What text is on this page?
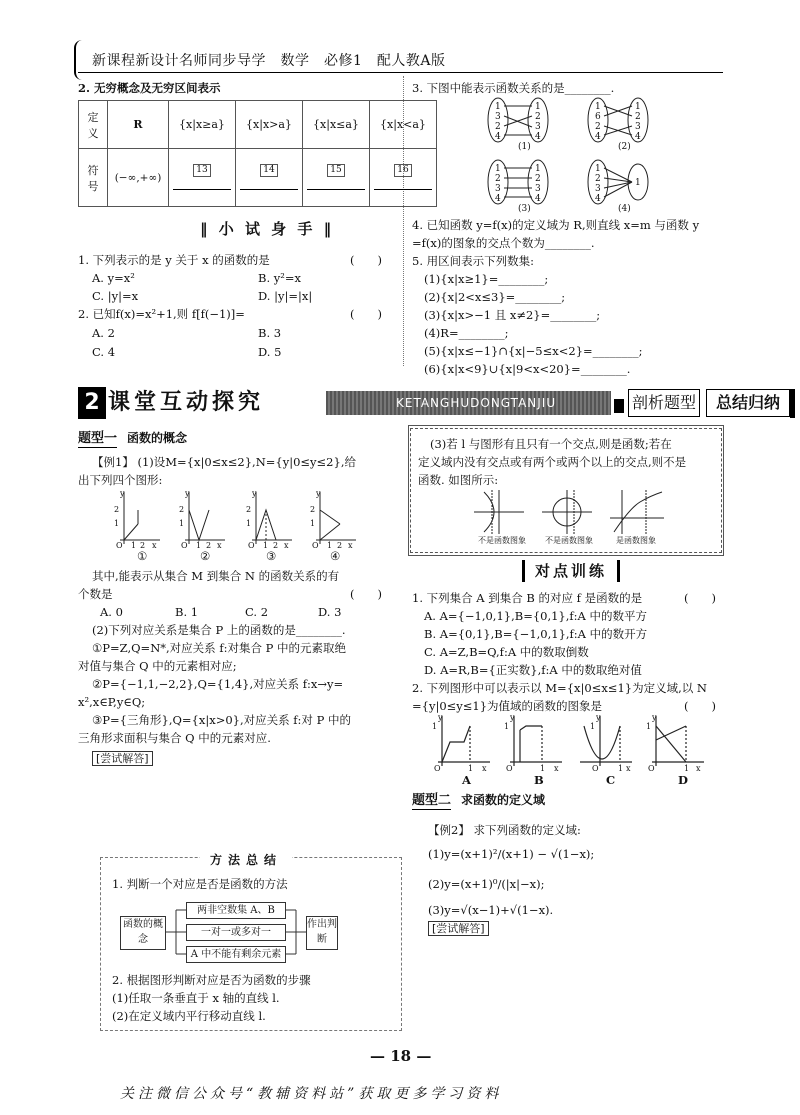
新课程新设计名师同步导学　数学　必修1　配人教A版
2. 无穷概念及无穷区间表示
定义	R	{x|x≥a}	{x|x>a}	{x|x≤a}	{x|x<a}
符号	(−∞,+∞)	13	14	15	16

‖ 小 试 身 手 ‖
1. 下列表示的是 y 关于 x 的函数的是	(　　)
A. y=x²	B. y²=x
C. |y|=x	D. |y|=|x|
2. 已知f(x)=x²+1,则 f[f(−1)]=	(　　)
A. 2	B. 3
C. 4	D. 5
3. 下图中能表示函数关系的是________.
1
3
2
4
1
2
3
4
1
6
2
4
1
2
3
4
1
2
3
4
1
2
3
4
1
2
3
4
1
(1)	(2)
(3)	(4)
4. 已知函数 y=f(x)的定义域为 R,则直线 x=m 与函数 y
=f(x)的图象的交点个数为________.
5. 用区间表示下列数集:
(1){x|x≥1}=________;
(2){x|2<x≤3}=________;
(3){x|x>−1 且 x≠2}=________;
(4)R=________;
(5){x|x≤−1}∩{x|−5≤x<2}=________;
(6){x|x<9}∪{x|9<x<20}=________.
2 课堂互动探究	KETANGHUDONGTANJIU	剖析题型	总结归纳
题型一 函数的概念
【例1】 (1)设M={x|0≤x≤2},N={y|0≤y≤2},给
出下列四个图形:
O 1 2 x
2
1
y
O 1 2 x
2
1
y
O 1 2 x
2
1
y
O 1 2 x
2
1
y
①	②	③	④
其中,能表示从集合 M 到集合 N 的函数关系的有
个数是	(　　)
A. 0	B. 1	C. 2	D. 3
(2)下列对应关系是集合 P 上的函数的是________.
①P=Z,Q=N*,对应关系 f:对集合 P 中的元素取绝
对值与集合 Q 中的元素相对应;
②P={−1,1,−2,2},Q={1,4},对应关系 f:x→y=
x²,x∈P,y∈Q;
③P={三角形},Q={x|x>0},对应关系 f:对 P 中的
三角形求面积与集合 Q 中的元素对应.
[尝试解答]
方法总结
1. 判断一个对应是否是函数的方法
函数的概念
两非空数集 A、B
一对一或多对一
A 中不能有剩余元素
作出判断
2. 根据图形判断对应是否为函数的步骤
(1)任取一条垂直于 x 轴的直线 l.
(2)在定义域内平行移动直线 l.
(3)若 l 与图形有且只有一个交点,则是函数;若在
定义域内没有交点或有两个或两个以上的交点,则不是
函数. 如图所示:
不是函数图象 不是函数图象	是函数图象
对点训练
1. 下列集合 A 到集合 B 的对应 f 是函数的是	(　　)
A. A={−1,0,1},B={0,1},f:A 中的数平方
B. A={0,1},B={−1,0,1},f:A 中的数开方
C. A=Z,B=Q,f:A 中的数取倒数
D. A=R,B={正实数},f:A 中的数取绝对值
2. 下列图形中可以表示以 M={x|0≤x≤1}为定义域,以 N
={y|0≤y≤1}为值域的函数的图象是	(　　)
O	1 x
1
y
O	1 x
1
y
O 1 x
1
y
O	1 x
1
y
A	B	C	D
题型二 求函数的定义域
【例2】 求下列函数的定义域:
(1)y=(x+1)²/(x+1) − √(1−x);
(2)y=(x+1)⁰/(|x|−x);
(3)y=√(x−1)+√(1−x).
[尝试解答]
— 18 —
关注微信公众号“教辅资料站”获取更多学习资料
